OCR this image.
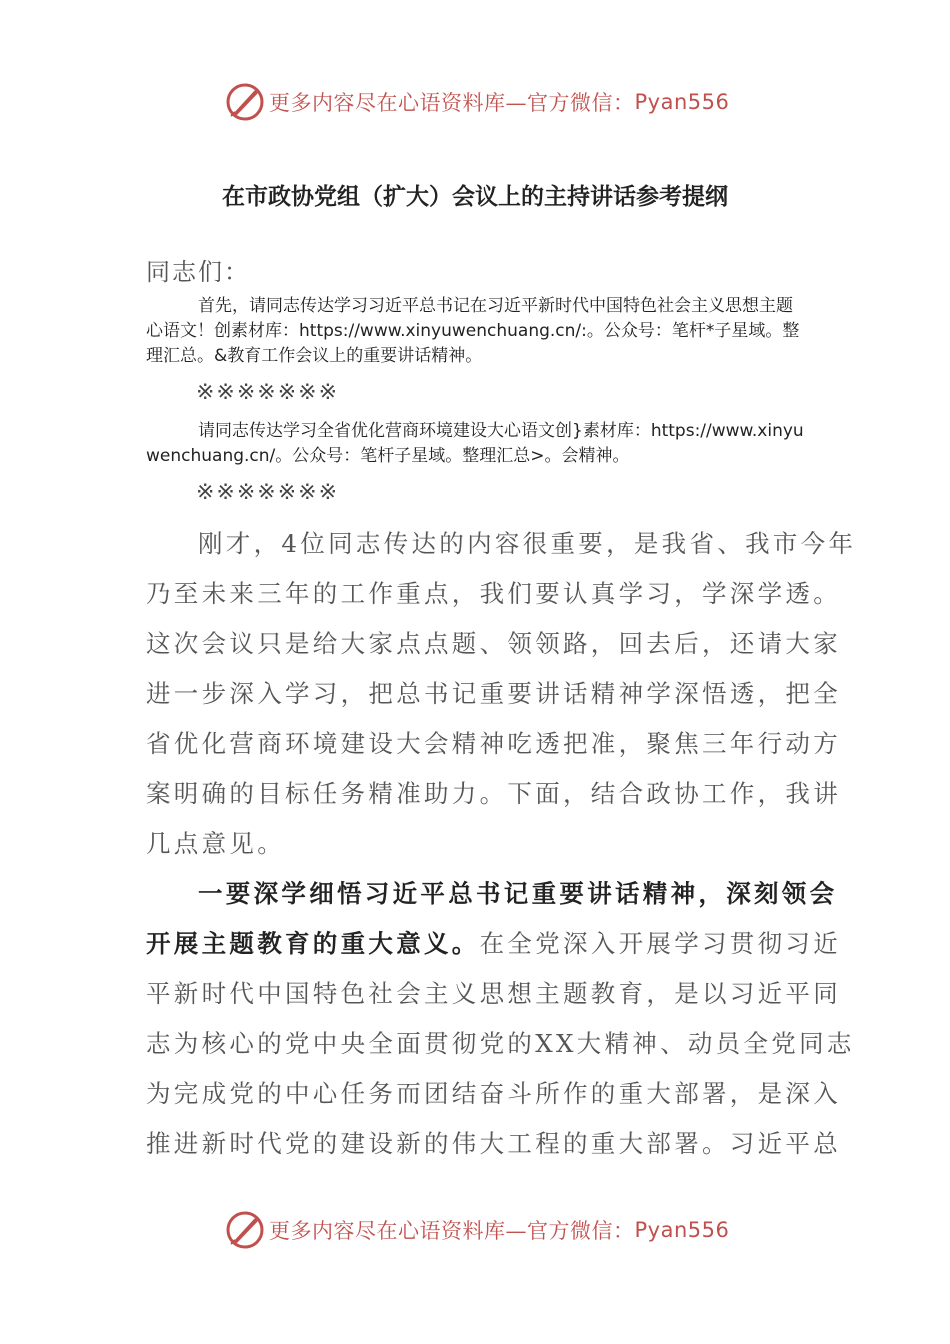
更多内容尽在心语资料库—官方微信： Pyan556
在市政协党组（扩大）会议上的主持讲话参考提纲
同志们：
首先，请同志传达学习习近平总书记在习近平新时代中国特色社会主义思想主题心语文！创素材库：https://www.xinyuwenchuang.cn/:。公众号：笔杆*子星域。整理汇总。&教育工作会议上的重要讲话精神。
※※※※※※※
请同志传达学习全省优化营商环境建设大心语文创}素材库：https://www.xinyuwenchuang.cn/。公众号：笔杆子星域。整理汇总>。会精神。
※※※※※※※
刚才，4位同志传达的内容很重要，是我省、我市今年
乃至未来三年的工作重点，我们要认真学习，学深学透。
这次会议只是给大家点点题、领领路，回去后，还请大家
进一步深入学习，把总书记重要讲话精神学深悟透，把全
省优化营商环境建设大会精神吃透把准，聚焦三年行动方
案明确的目标任务精准助力。下面，结合政协工作，我讲
几点意见。
一要深学细悟习近平总书记重要讲话精神，深刻领会
开展主题教育的重大意义。在全党深入开展学习贯彻习近
平新时代中国特色社会主义思想主题教育，是以习近平同
志为核心的党中央全面贯彻党的XX大精神、动员全党同志
为完成党的中心任务而团结奋斗所作的重大部署，是深入
推进新时代党的建设新的伟大工程的重大部署。习近平总
更多内容尽在心语资料库—官方微信： Pyan556
